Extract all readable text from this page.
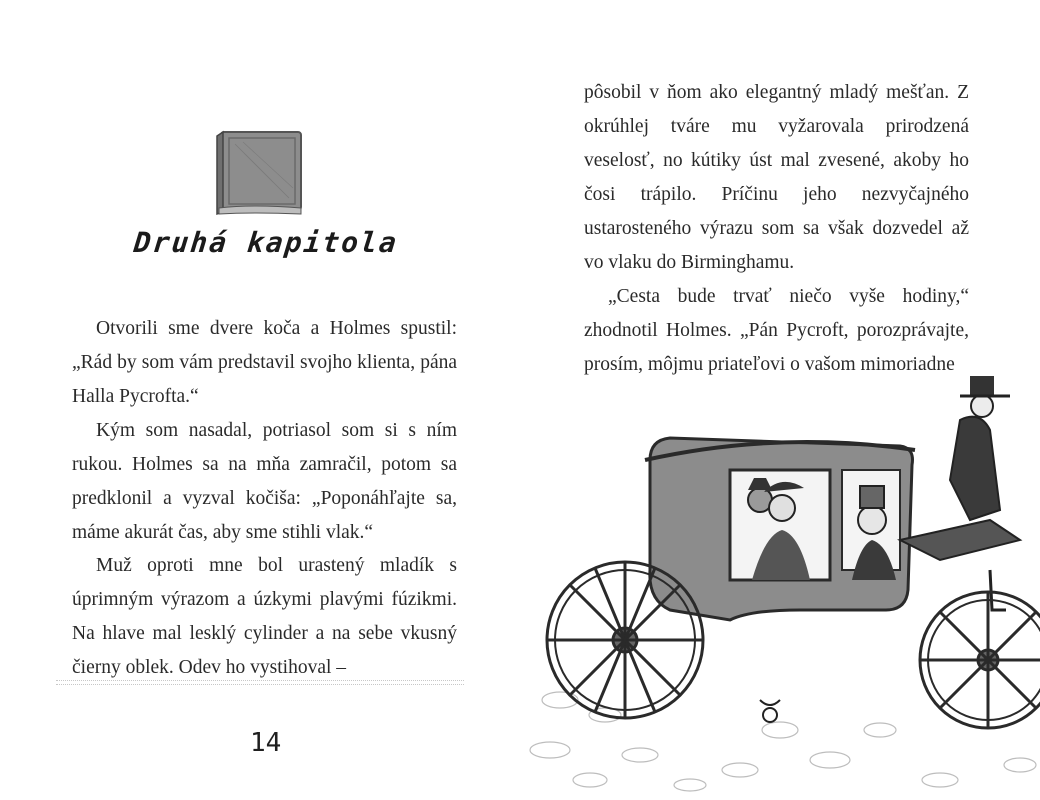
Druhá kapitola

Otvorili sme dvere koča a Holmes spustil: „Rád by som vám predstavil svojho klienta, pána Halla Pycrofta.“

Kým som nasadal, potriasol som si s ním rukou. Holmes sa na mňa zamračil, potom sa predklonil a vyzval kočiša: „Poponáhľajte sa, máme akurát čas, aby sme stihli vlak.“

Muž oproti mne bol urastený mladík s úprimným výrazom a úzkymi plavými fúzikmi. Na hlave mal lesklý cylinder a na sebe vkusný čierny oblek. Odev ho vystihoval –

14

pôsobil v ňom ako elegantný mladý mešťan. Z okrúhlej tváre mu vyžarovala prirodzená veselosť, no kútiky úst mal zvesené, akoby ho čosi trápilo. Príčinu jeho nezvyčajného ustarosteného výrazu som sa však dozvedel až vo vlaku do Birminghamu.

„Cesta bude trvať niečo vyše hodiny,“ zhodnotil Holmes. „Pán Pycroft, porozprávajte, prosím, môjmu priateľovi o vašom mimoriadne
